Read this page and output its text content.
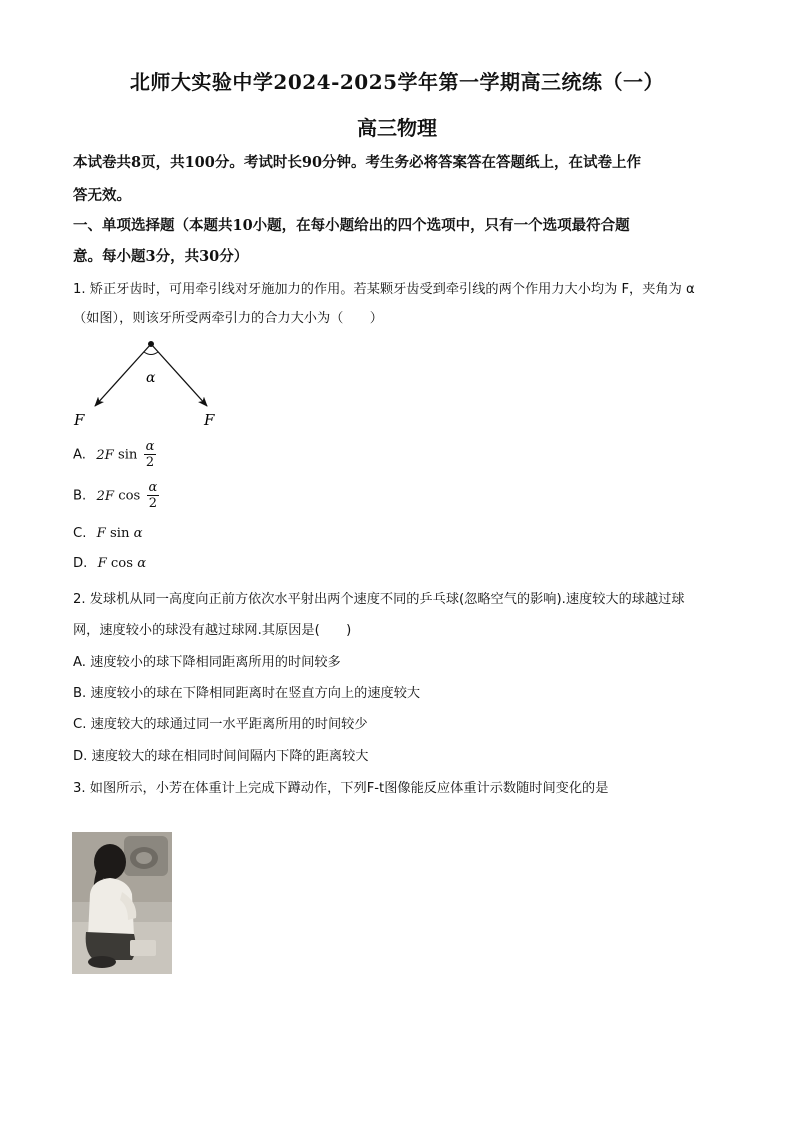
北师大实验中学2024-2025学年第一学期高三统练（一）
高三物理
本试卷共8页，共100分。考试时长90分钟。考生务必将答案答在答题纸上，在试卷上作
答无效。
一、单项选择题（本题共10小题，在每小题给出的四个选项中，只有一个选项最符合题
意。每小题3分，共30分）
1. 矫正牙齿时，可用牵引线对牙施加力的作用。若某颗牙齿受到牵引线的两个作用力大小均为 F，夹角为 α
（如图），则该牙所受两牵引力的合力大小为（　　）
α
F	F
A. 2F $\sin \frac{\alpha}{2}$
B. 2F $\cos \frac{\alpha}{2}$
C. F sin α
D. F cos α
2. 发球机从同一高度向正前方依次水平射出两个速度不同的乒乓球(忽略空气的影响).速度较大的球越过球
网，速度较小的球没有越过球网.其原因是(　　)
A. 速度较小的球下降相同距离所用的时间较多
B. 速度较小的球在下降相同距离时在竖直方向上的速度较大
C. 速度较大的球通过同一水平距离所用的时间较少
D. 速度较大的球在相同时间间隔内下降的距离较大
3. 如图所示，小芳在体重计上完成下蹲动作，下列F-t图像能反应体重计示数随时间变化的是
